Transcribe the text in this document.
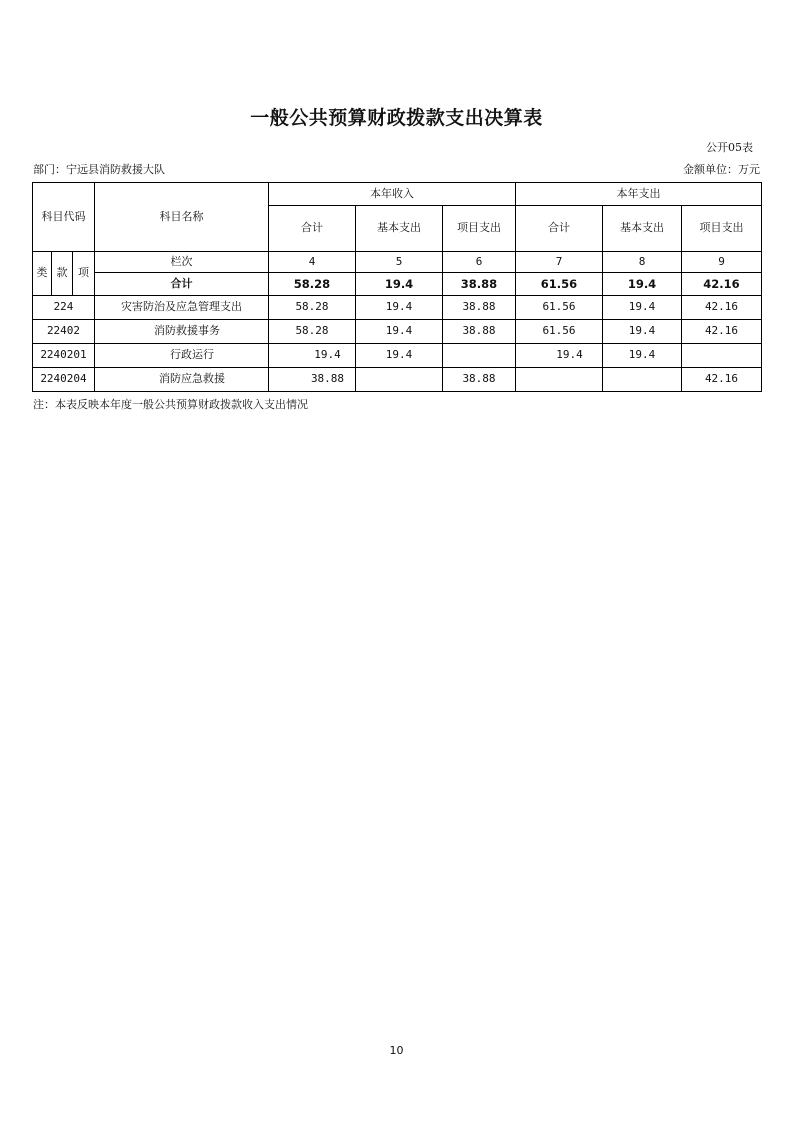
一般公共预算财政拨款支出决算表
公开05表
部门：宁远县消防救援大队	金额单位：万元
科目代码			科目名称	本年收入			本年支出		
				合计	基本支出	项目支出	合计	基本支出	项目支出

类	款	项	栏次	4	5	6	7	8	9
			合计	58.28	19.4	38.88	61.56	19.4	42.16
224			灾害防治及应急管理支出	58.28	19.4	38.88	61.56	19.4	42.16
22402			消防救援事务	58.28	19.4	38.88	61.56	19.4	42.16
2240201			行政运行	19.4	19.4		19.4	19.4	
2240204			消防应急救援	38.88		38.88			42.16
注：本表反映本年度一般公共预算财政拨款收入支出情况
10
